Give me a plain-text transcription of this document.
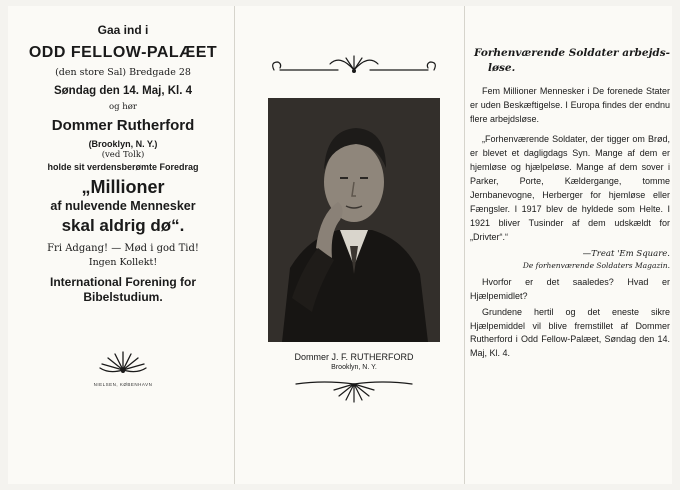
Gaa ind i
ODD FELLOW-PALÆET
(den store Sal) Bredgade 28
Søndag den 14. Maj, Kl. 4
og hør
Dommer Rutherford
(Brooklyn, N. Y.)
(ved Tolk)
holde sit verdensberømte Foredrag
„Millioner
af nulevende Mennesker
skal aldrig dø“.
Fri Adgang! — Mød i god Tid!
Ingen Kollekt!
International Forening for
Bibelstudium.
NIELSEN, KØBENHAVN
Dommer J. F. RUTHERFORD
Brooklyn, N. Y.
Forhenværende Soldater arbejds-
løse.
Fem Millioner Mennesker i De forenede Stater er uden Beskæftigelse. I Europa findes der endnu flere arbejdsløse.
„Forhenværende Soldater, der tigger om Brød, er blevet et dagligdags Syn. Mange af dem er hjemløse og hjælpeløse. Mange af dem sover i Parker, Porte, Kældergange, tomme Jernbanevogne, Herberger for hjemløse eller Fængsler. I 1917 blev de hyldede som Helte. I 1921 bliver Tusinder af dem udskældt for „Drivter“.“
—Treat 'Em Square.
De forhenværende Soldaters Magazin.
Hvorfor er det saaledes? Hvad er Hjælpemidlet?
Grundene hertil og det eneste sikre Hjælpemiddel vil blive fremstillet af Dommer Rutherford i Odd Fellow-Palæet, Søndag den 14. Maj, Kl. 4.
